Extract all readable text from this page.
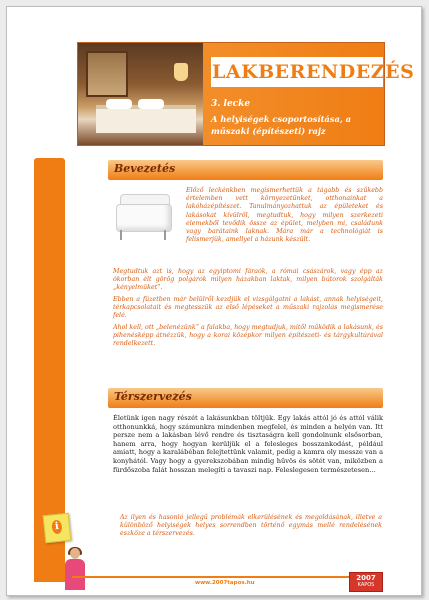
LAKBERENDEZÉS
3. lecke
A helyiségek csoportosítása, a műszaki (építészeti) rajz
Bevezetés
Előző leckénkben megismerhettük a tágabb és szűkebb értelemben vett környezetünket, otthonainkat a lakóházépítészet. Tanulmányozhattuk az épületeket és lakásokat kívülről, megtudtuk, hogy milyen szerkezeti elemekből tevődik össze az épület, melyben mi, családunk vagy barátaink laknak. Mára már a technológiát is felismerjük, amellyel a házunk készült.
Megtudtuk azt is, hogy az egyiptomi fáraók, a római császárok, vagy épp az ókorban élt görög polgárok milyen házakban laktak, milyen bútorok szolgálták „kényelmüket”.
Ebben a füzetben már belülről kezdjük el vizsgálgatni a lakást, annak helyiségeit, térkapcsolatait és megtesszük az első lépéseket a műszaki rajzolás megismerése felé.
Ahol kell, ott „belenézünk” a falakba, hogy megtudjuk, mitől működik a lakásunk, és pihenésképp átnézzük, hogy a korai középkor milyen építészeti- és tárgykultúrával rendelkezett.
Térszervezés
Életünk igen nagy részét a lakásunkban töltjük. Egy lakás attól jó és attól válik otthonunkká, hogy számunkra mindenben megfelel, és minden a helyén van. Itt persze nem a lakásban lévő rendre és tisztaságra kell gondolnunk elsősorban, hanem arra, hogy hogyan kerüljük el a felesleges bosszankodást, például amiatt, hogy a karalábéban felejtettünk valamit, pedig a kamra oly messze van a konyhától. Vagy hogy a gyerekszobában mindig hűvös és sötét van, miközben a fürdőszoba falát hosszan melegíti a tavaszi nap. Feleslegesen természetesen…
i
Az ilyen és hasonló jellegű problémák elkerülésének és megoldásának, illetve a különböző helyiségek helyes sorrendben történő egymás mellé rendelésének eszköze a térszervezés.
www.2007tapos.hu
2007
KAPOS
